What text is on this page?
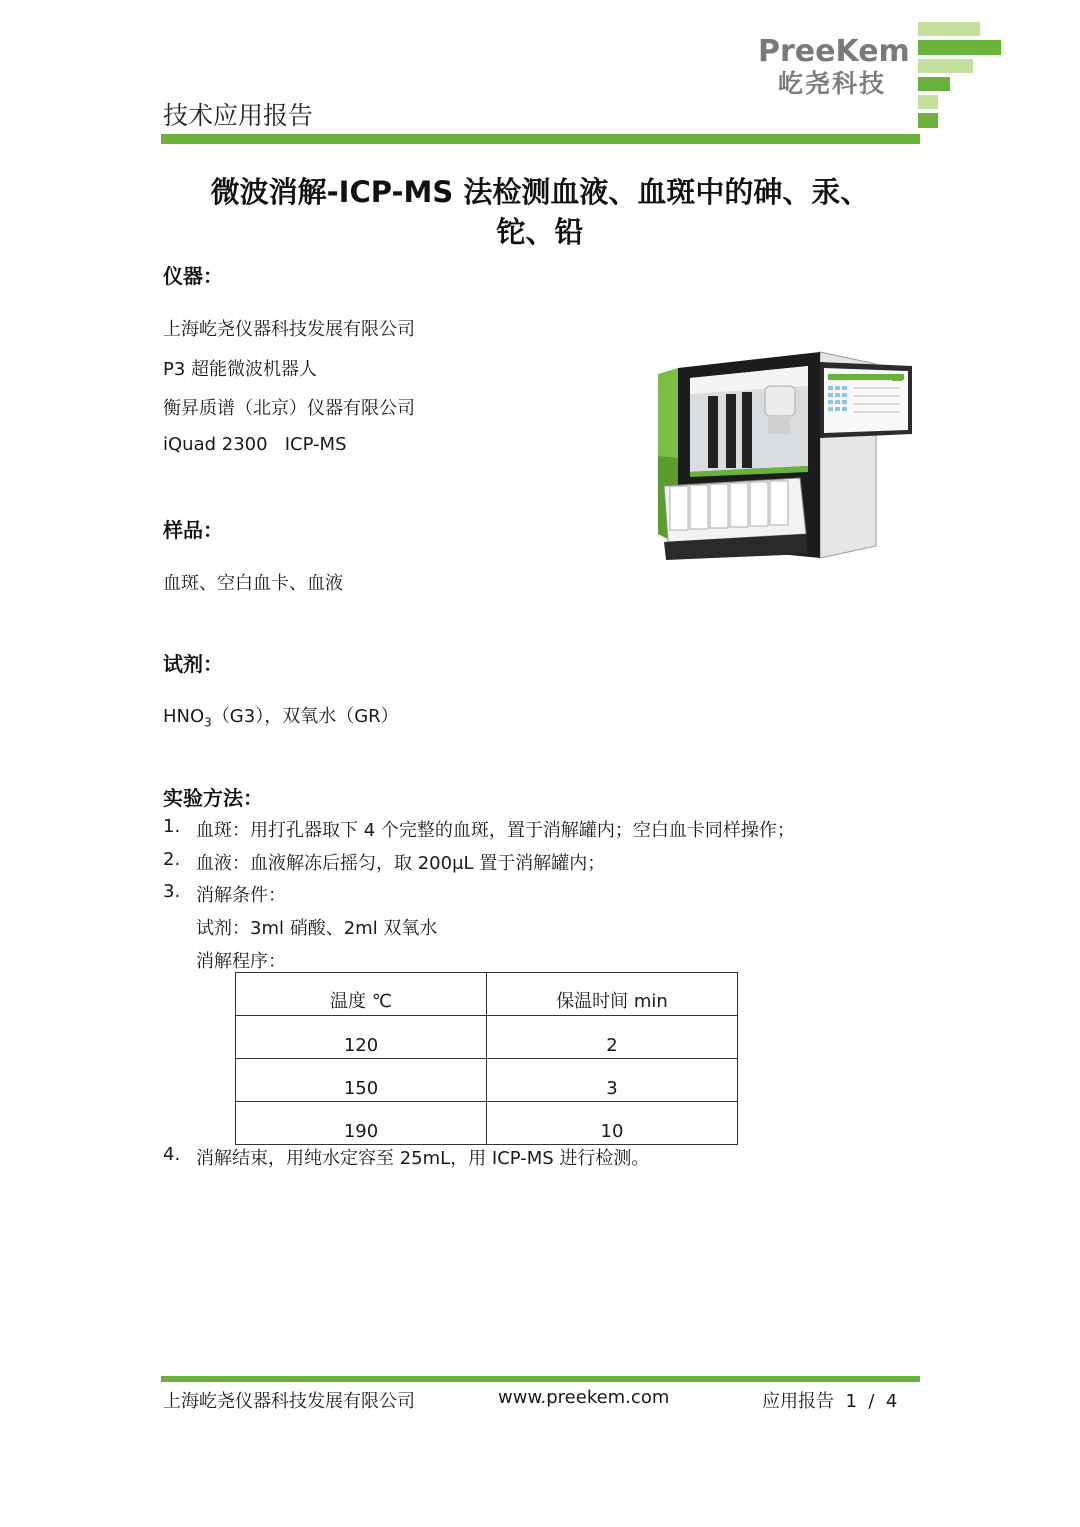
PreeKem
屹尧科技
技术应用报告
微波消解-ICP-MS 法检测血液、血斑中的砷、汞、
铊、铅
仪器：
上海屹尧仪器科技发展有限公司
P3 超能微波机器人
衡昇质谱（北京）仪器有限公司
iQuad 2300   ICP-MS
样品：
血斑、空白血卡、血液
试剂：
$HNO_3(G3)$，双氧水（GR）
实验方法：
1. 血斑：用打孔器取下 4 个完整的血斑，置于消解罐内；空白血卡同样操作；
2. 血液：血液解冻后摇匀，取 200μL 置于消解罐内；
3. 消解条件：
试剂：3ml 硝酸、2ml 双氧水
消解程序：
温度 ℃	保温时间 min
120	2
150	3
190	10
4. 消解结束，用纯水定容至 25mL，用 ICP-MS 进行检测。
上海屹尧仪器科技发展有限公司	www.preekem.com	应用报告  1  /  4
